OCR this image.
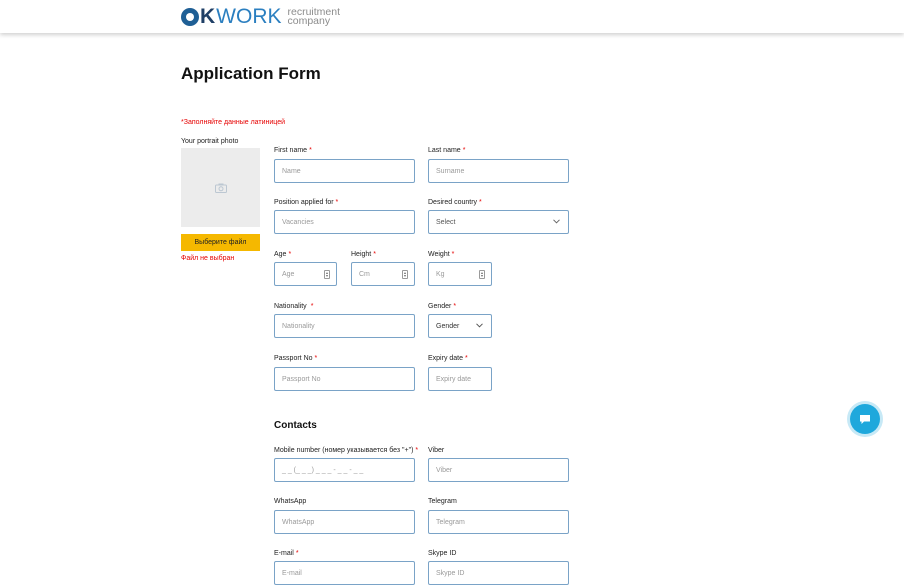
K WORK recruitment
company
Application Form
*Заполняйте данные латиницей
Your portrait photo
Выберите файл
Файл не выбран
First name *
Name
Last name *
Surname
Position applied for *
Vacancies
Desired country *
Select
Age *
Age
Height *
Cm
Weight *
Kg
Nationality *
Nationality
Gender *
Gender
Passport No *
Passport No
Expiry date *
Expiry date
Contacts
Mobile number (номер указывается без "+") *
_ _ (_ _ _) _ _ _ - _ _ - _ _
Viber
Viber
WhatsApp
WhatsApp
Telegram
Telegram
E-mail *
E-mail
Skype ID
Skype ID
